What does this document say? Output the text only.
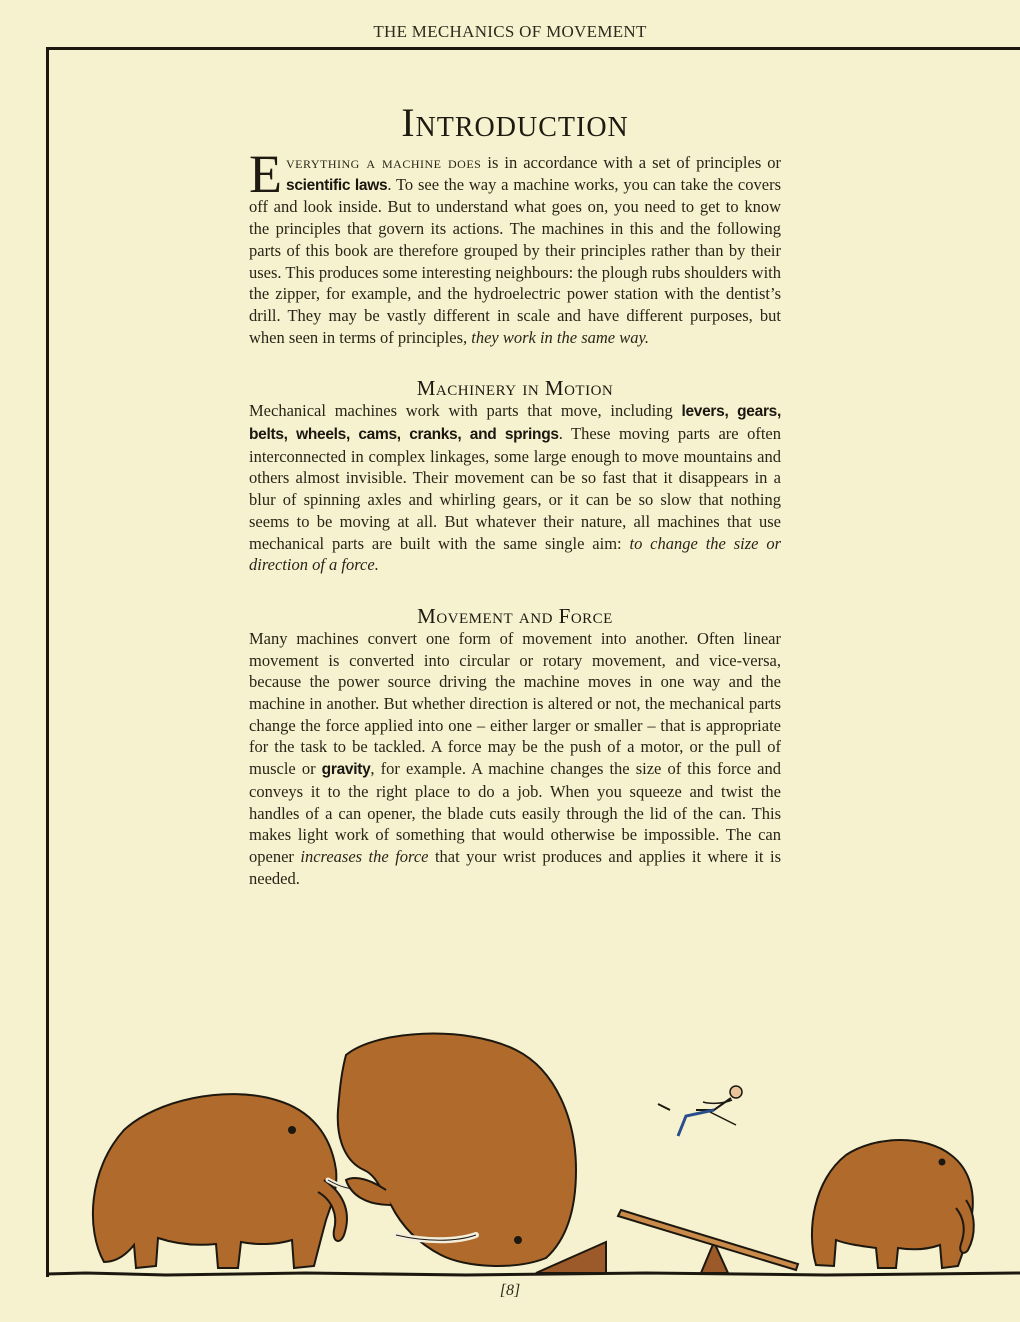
THE MECHANICS OF MOVEMENT
Introduction

Everything a machine does is in accordance with a set of principles or scientific laws. To see the way a machine works, you can take the covers off and look inside. But to understand what goes on, you need to get to know the principles that govern its actions. The machines in this and the following parts of this book are therefore grouped by their principles rather than by their uses. This produces some interesting neighbours: the plough rubs shoulders with the zipper, for example, and the hydroelectric power station with the dentist’s drill. They may be vastly different in scale and have different purposes, but when seen in terms of principles, they work in the same way.

Machinery in Motion

Mechanical machines work with parts that move, including levers, gears, belts, wheels, cams, cranks, and springs. These moving parts are often interconnected in complex linkages, some large enough to move mountains and others almost invisible. Their movement can be so fast that it disappears in a blur of spinning axles and whirling gears, or it can be so slow that nothing seems to be moving at all. But whatever their nature, all machines that use mechanical parts are built with the same single aim: to change the size or direction of a force.

Movement and Force

Many machines convert one form of movement into another. Often linear movement is converted into circular or rotary movement, and vice-versa, because the power source driving the machine moves in one way and the machine in another. But whether direction is altered or not, the mechanical parts change the force applied into one – either larger or smaller – that is appropriate for the task to be tackled. A force may be the push of a motor, or the pull of muscle or gravity, for example. A machine changes the size of this force and conveys it to the right place to do a job. When you squeeze and twist the handles of a can opener, the blade cuts easily through the lid of the can. This makes light work of something that would otherwise be impossible. The can opener increases the force that your wrist produces and applies it where it is needed.

[8]
